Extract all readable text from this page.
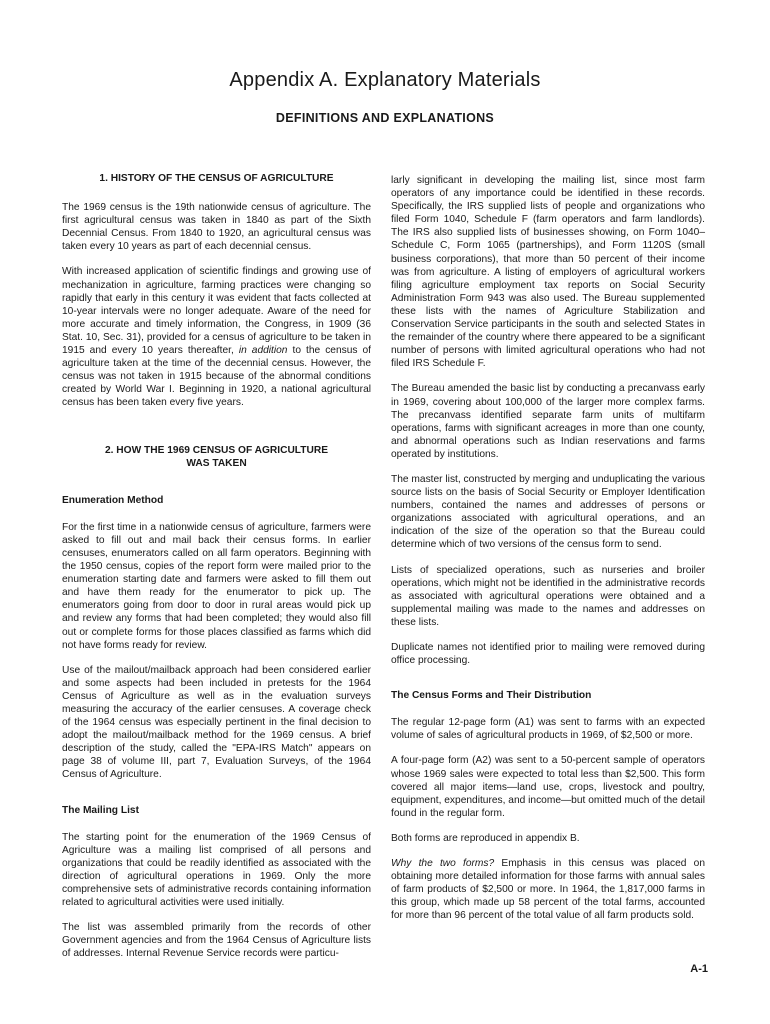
Appendix A. Explanatory Materials
DEFINITIONS AND EXPLANATIONS
1. HISTORY OF THE CENSUS OF AGRICULTURE

The 1969 census is the 19th nationwide census of agriculture. The first agricultural census was taken in 1840 as part of the Sixth Decennial Census. From 1840 to 1920, an agricultural census was taken every 10 years as part of each decennial census.

With increased application of scientific findings and growing use of mechanization in agriculture, farming practices were changing so rapidly that early in this century it was evident that facts collected at 10-year intervals were no longer adequate. Aware of the need for more accurate and timely information, the Congress, in 1909 (36 Stat. 10, Sec. 31), provided for a census of agriculture to be taken in 1915 and every 10 years thereafter, in addition to the census of agriculture taken at the time of the decennial census. However, the census was not taken in 1915 because of the abnormal conditions created by World War I. Beginning in 1920, a national agricultural census has been taken every five years.

2. HOW THE 1969 CENSUS OF AGRICULTURE
WAS TAKEN
Enumeration Method

For the first time in a nationwide census of agriculture, farmers were asked to fill out and mail back their census forms. In earlier censuses, enumerators called on all farm operators. Beginning with the 1950 census, copies of the report form were mailed prior to the enumeration starting date and farmers were asked to fill them out and have them ready for the enumerator to pick up. The enumerators going from door to door in rural areas would pick up and review any forms that had been completed; they would also fill out or complete forms for those places classified as farms which did not have forms ready for review.

Use of the mailout/mailback approach had been considered earlier and some aspects had been included in pretests for the 1964 Census of Agriculture as well as in the evaluation surveys measuring the accuracy of the earlier censuses. A coverage check of the 1964 census was especially pertinent in the final decision to adopt the mailout/mailback method for the 1969 census. A brief description of the study, called the "EPA-IRS Match" appears on page 38 of volume III, part 7, Evaluation Surveys, of the 1964 Census of Agriculture.

The Mailing List

The starting point for the enumeration of the 1969 Census of Agriculture was a mailing list comprised of all persons and organizations that could be readily identified as associated with the direction of agricultural operations in 1969. Only the more comprehensive sets of administrative records containing information related to agricultural activities were used initially.

The list was assembled primarily from the records of other Government agencies and from the 1964 Census of Agriculture lists of addresses. Internal Revenue Service records were particu-

larly significant in developing the mailing list, since most farm operators of any importance could be identified in these records. Specifically, the IRS supplied lists of people and organizations who filed Form 1040, Schedule F (farm operators and farm landlords). The IRS also supplied lists of businesses showing, on Form 1040–Schedule C, Form 1065 (partnerships), and Form 1120S (small business corporations), that more than 50 percent of their income was from agriculture. A listing of employers of agricultural workers filing agriculture employment tax reports on Social Security Administration Form 943 was also used. The Bureau supplemented these lists with the names of Agriculture Stabilization and Conservation Service participants in the south and selected States in the remainder of the country where there appeared to be a significant number of persons with limited agricultural operations who had not filed IRS Schedule F.

The Bureau amended the basic list by conducting a precanvass early in 1969, covering about 100,000 of the larger more complex farms. The precanvass identified separate farm units of multifarm operations, farms with significant acreages in more than one county, and abnormal operations such as Indian reservations and farms operated by institutions.

The master list, constructed by merging and unduplicating the various source lists on the basis of Social Security or Employer Identification numbers, contained the names and addresses of persons or organizations associated with agricultural operations, and an indication of the size of the operation so that the Bureau could determine which of two versions of the census form to send.

Lists of specialized operations, such as nurseries and broiler operations, which might not be identified in the administrative records as associated with agricultural operations were obtained and a supplemental mailing was made to the names and addresses on these lists.

Duplicate names not identified prior to mailing were removed during office processing.

The Census Forms and Their Distribution

The regular 12-page form (A1) was sent to farms with an expected volume of sales of agricultural products in 1969, of $2,500 or more.

A four-page form (A2) was sent to a 50-percent sample of operators whose 1969 sales were expected to total less than $2,500. This form covered all major items—land use, crops, livestock and poultry, equipment, expenditures, and income—but omitted much of the detail found in the regular form.

Both forms are reproduced in appendix B.

Why the two forms? Emphasis in this census was placed on obtaining more detailed information for those farms with annual sales of farm products of $2,500 or more. In 1964, the 1,817,000 farms in this group, which made up 58 percent of the total farms, accounted for more than 96 percent of the total value of all farm products sold.

A-1
